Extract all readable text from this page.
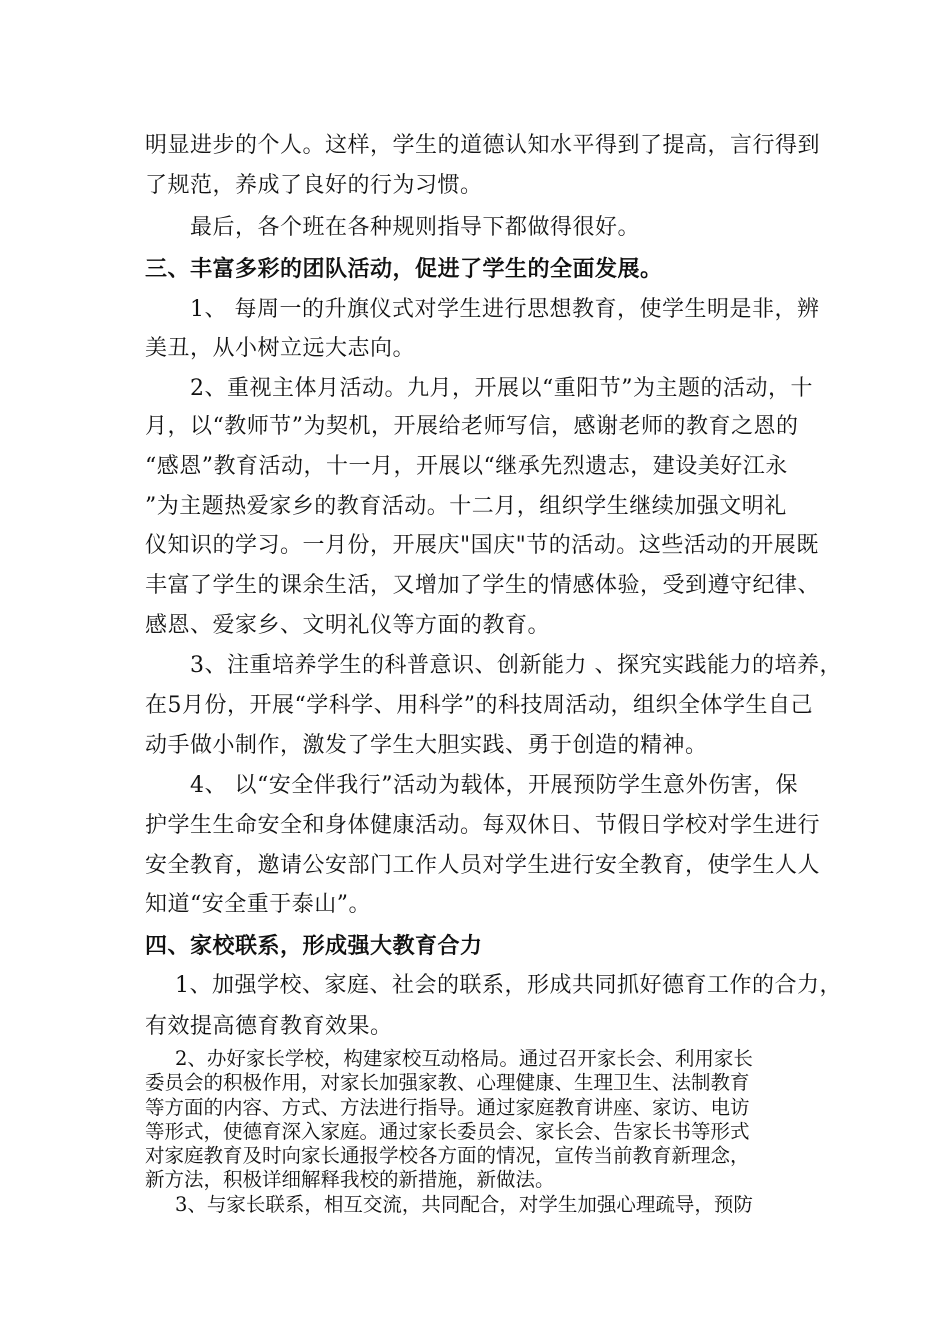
明显进步的个人。这样，学生的道德认知水平得到了提高，言行得到
了规范，养成了良好的行为习惯。
最后，各个班在各种规则指导下都做得很好。
三、丰富多彩的团队活动，促进了学生的全面发展。
1、 每周一的升旗仪式对学生进行思想教育，使学生明是非，辨
美丑，从小树立远大志向。
2、重视主体月活动。九月，开展以“重阳节”为主题的活动，十
月，以“教师节”为契机，开展给老师写信，感谢老师的教育之恩的
“感恩”教育活动，十一月，开展以“继承先烈遗志，建设美好江永
”为主题热爱家乡的教育活动。十二月，组织学生继续加强文明礼
仪知识的学习。一月份，开展庆"国庆"节的活动。这些活动的开展既
丰富了学生的课余生活，又增加了学生的情感体验，受到遵守纪律、
感恩、爱家乡、文明礼仪等方面的教育。
3、注重培养学生的科普意识、创新能力 、探究实践能力的培养，
在5月份，开展“学科学、用科学”的科技周活动，组织全体学生自己
动手做小制作，激发了学生大胆实践、勇于创造的精神。
4、 以“安全伴我行”活动为载体，开展预防学生意外伤害，保
护学生生命安全和身体健康活动。每双休日、节假日学校对学生进行
安全教育，邀请公安部门工作人员对学生进行安全教育，使学生人人
知道“安全重于泰山”。
四、家校联系，形成强大教育合力
1、加强学校、家庭、社会的联系，形成共同抓好德育工作的合力，
有效提高德育教育效果。
2、办好家长学校，构建家校互动格局。通过召开家长会、利用家长
委员会的积极作用，对家长加强家教、心理健康、生理卫生、法制教育
等方面的内容、方式、方法进行指导。通过家庭教育讲座、家访、电访
等形式，使德育深入家庭。通过家长委员会、家长会、告家长书等形式
对家庭教育及时向家长通报学校各方面的情况，宣传当前教育新理念，
新方法，积极详细解释我校的新措施，新做法。
3、与家长联系，相互交流，共同配合，对学生加强心理疏导，预防
